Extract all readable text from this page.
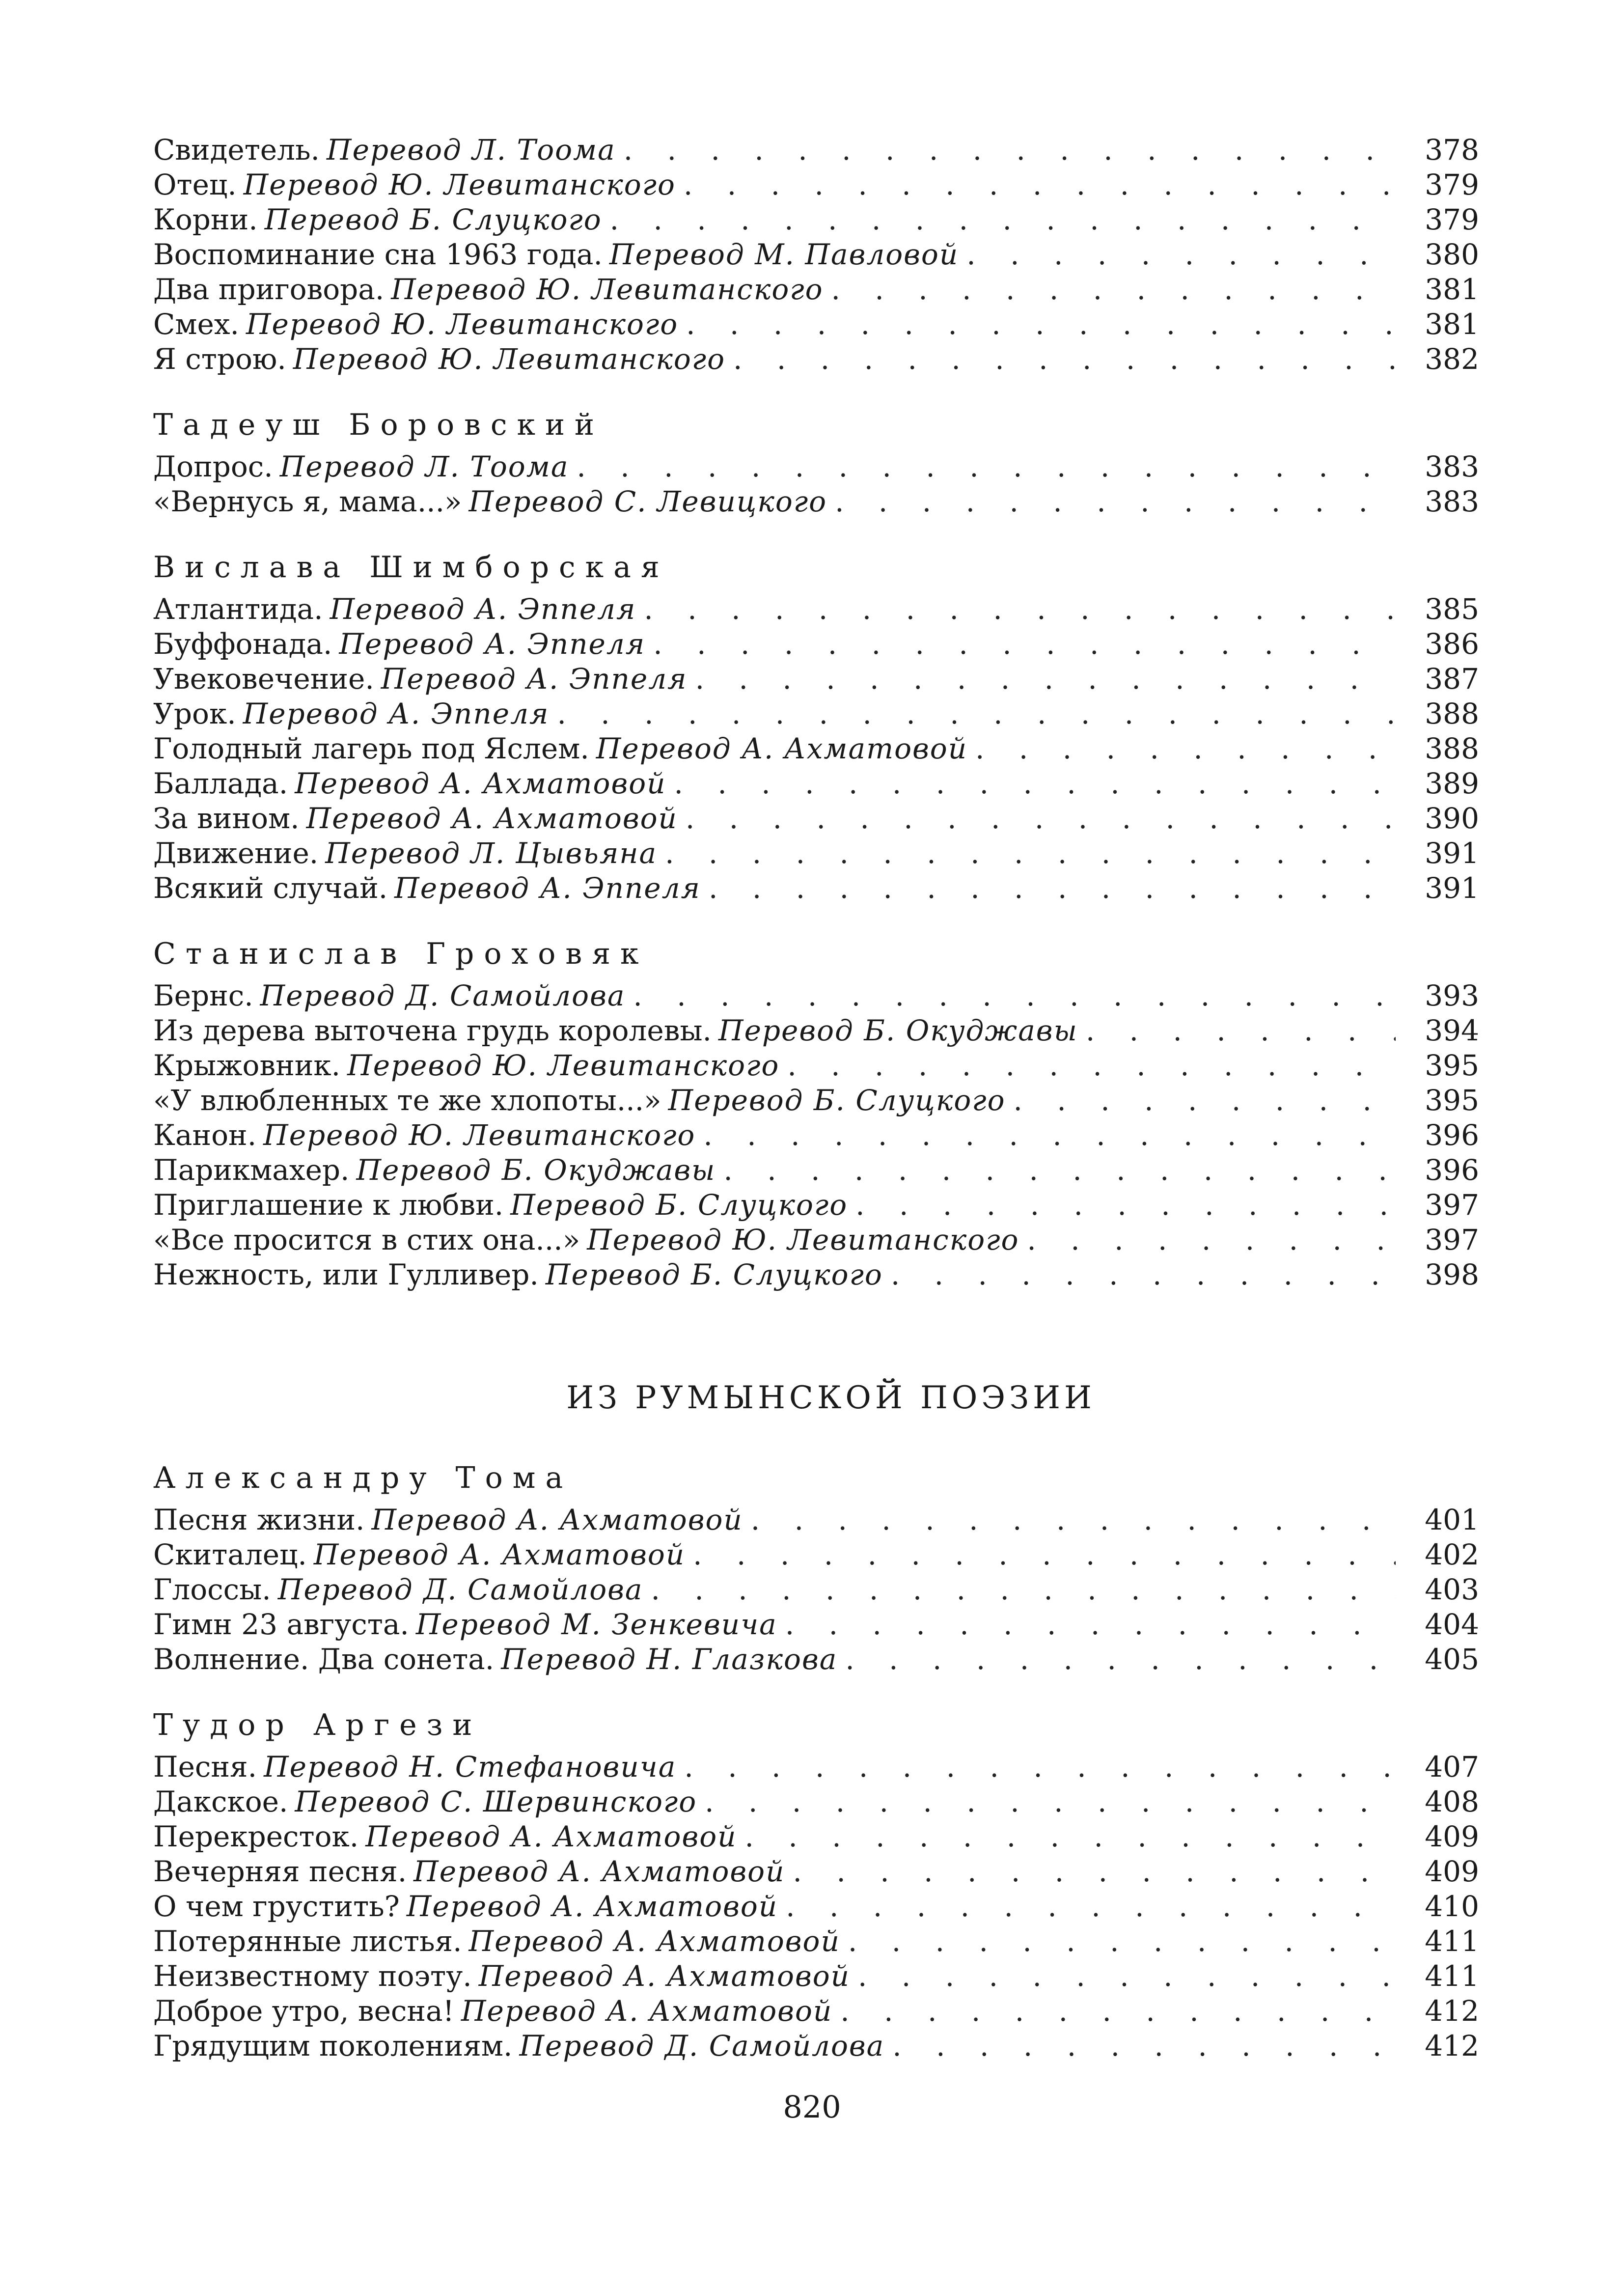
Свидетель. Перевод Л. Тоома . . .	378
Отец. Перевод Ю. Левитанского . . .	379
Корни. Перевод Б. Слуцкого . . .	379
Воспоминание сна 1963 года. Перевод М. Павловой . . .	380
Два приговора. Перевод Ю. Левитанского . . .	381
Смех. Перевод Ю. Левитанского . . .	381
Я строю. Перевод Ю. Левитанского . . .	382
Тадеуш Боровский
Допрос. Перевод Л. Тоома . . .	383
«Вернусь я, мама...» Перевод С. Левицкого . . .	383
Вислава Шимборская
Атлантида. Перевод А. Эппеля . . .	385
Буффонада. Перевод А. Эппеля . . .	386
Увековечение. Перевод А. Эппеля . . .	387
Урок. Перевод А. Эппеля . . .	388
Голодный лагерь под Яслем. Перевод А. Ахматовой . . .	388
Баллада. Перевод А. Ахматовой . . .	389
За вином. Перевод А. Ахматовой . . .	390
Движение. Перевод Л. Цывьяна . . .	391
Всякий случай. Перевод А. Эппеля . . .	391
Станислав Гроховяк
Бернс. Перевод Д. Самойлова . . .	393
Из дерева выточена грудь королевы. Перевод Б. Окуджавы . . .	394
Крыжовник. Перевод Ю. Левитанского . . .	395
«У влюбленных те же хлопоты...» Перевод Б. Слуцкого . . .	395
Канон. Перевод Ю. Левитанского . . .	396
Парикмахер. Перевод Б. Окуджавы . . .	396
Приглашение к любви. Перевод Б. Слуцкого . . .	397
«Все просится в стих она...» Перевод Ю. Левитанского . . .	397
Нежность, или Гулливер. Перевод Б. Слуцкого . . .	398
ИЗ РУМЫНСКОЙ ПОЭЗИИ
Александру Тома
Песня жизни. Перевод А. Ахматовой . . .	401
Скиталец. Перевод А. Ахматовой . . .	402
Глоссы. Перевод Д. Самойлова . . .	403
Гимн 23 августа. Перевод М. Зенкевича . . .	404
Волнение. Два сонета. Перевод Н. Глазкова . . .	405
Тудор Аргези
Песня. Перевод Н. Стефановича . . .	407
Дакское. Перевод С. Шервинского . . .	408
Перекресток. Перевод А. Ахматовой . . .	409
Вечерняя песня. Перевод А. Ахматовой . . .	409
О чем грустить? Перевод А. Ахматовой . . .	410
Потерянные листья. Перевод А. Ахматовой . . .	411
Неизвестному поэту. Перевод А. Ахматовой . . .	411
Доброе утро, весна! Перевод А. Ахматовой . . .	412
Грядущим поколениям. Перевод Д. Самойлова . . .	412
820
